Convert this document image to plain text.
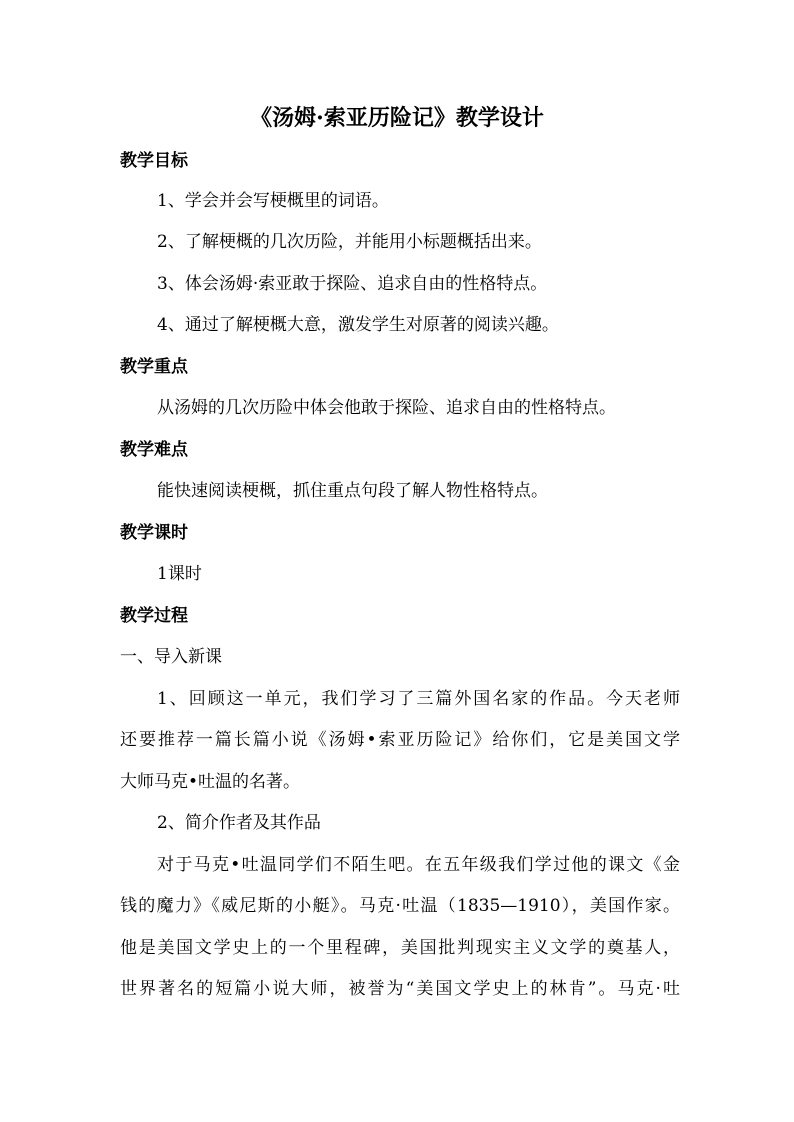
《汤姆·索亚历险记》教学设计
教学目标
1、学会并会写梗概里的词语。
2、了解梗概的几次历险，并能用小标题概括出来。
3、体会汤姆·索亚敢于探险、追求自由的性格特点。
4、通过了解梗概大意，激发学生对原著的阅读兴趣。
教学重点
从汤姆的几次历险中体会他敢于探险、追求自由的性格特点。
教学难点
能快速阅读梗概，抓住重点句段了解人物性格特点。
教学课时
1课时
教学过程
一、导入新课
1、回顾这一单元，我们学习了三篇外国名家的作品。今天老师
还要推荐一篇长篇小说《汤姆•索亚历险记》给你们，它是美国文学
大师马克•吐温的名著。
2、简介作者及其作品
对于马克•吐温同学们不陌生吧。在五年级我们学过他的课文《金
钱的魔力》《威尼斯的小艇》。马克·吐温（1835—1910），美国作家。
他是美国文学史上的一个里程碑，美国批判现实主义文学的奠基人，
世界著名的短篇小说大师，被誉为“美国文学史上的林肯”。马克·吐
